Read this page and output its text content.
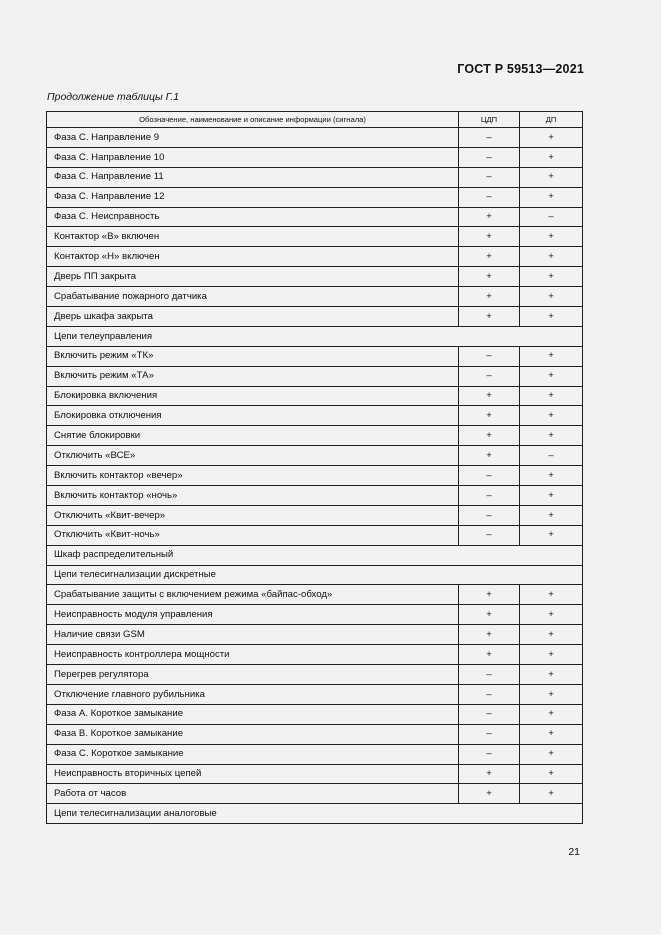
ГОСТ Р 59513—2021
Продолжение таблицы Г.1
Обозначение, наименование и описание информации (сигнала)	ЦДП	ДП
Фаза С. Направление 9	–	+
Фаза С. Направление 10	–	+
Фаза С. Направление 11	–	+
Фаза С. Направление 12	–	+
Фаза С. Неисправность	+	–
Контактор «В» включен	+	+
Контактор «Н» включен	+	+
Дверь ПП закрыта	+	+
Срабатывание пожарного датчика	+	+
Дверь шкафа закрыта	+	+
Цепи телеуправления		
Включить режим «ТК»	–	+
Включить режим «ТА»	–	+
Блокировка включения	+	+
Блокировка отключения	+	+
Снятие блокировки	+	+
Отключить «ВСЕ»	+	–
Включить контактор «вечер»	–	+
Включить контактор «ночь»	–	+
Отключить «Квит-вечер»	–	+
Отключить «Квит-ночь»	–	+
Шкаф распределительный		
Цепи телесигнализации дискретные		
Срабатывание защиты с включением режима «байпас-обход»	+	+
Неисправность модуля управления	+	+
Наличие связи GSM	+	+
Неисправность контроллера мощности	+	+
Перегрев регулятора	–	+
Отключение главного рубильника	–	+
Фаза А. Короткое замыкание	–	+
Фаза В. Короткое замыкание	–	+
Фаза С. Короткое замыкание	–	+
Неисправность вторичных цепей	+	+
Работа от часов	+	+
Цепи телесигнализации аналоговые		
21
